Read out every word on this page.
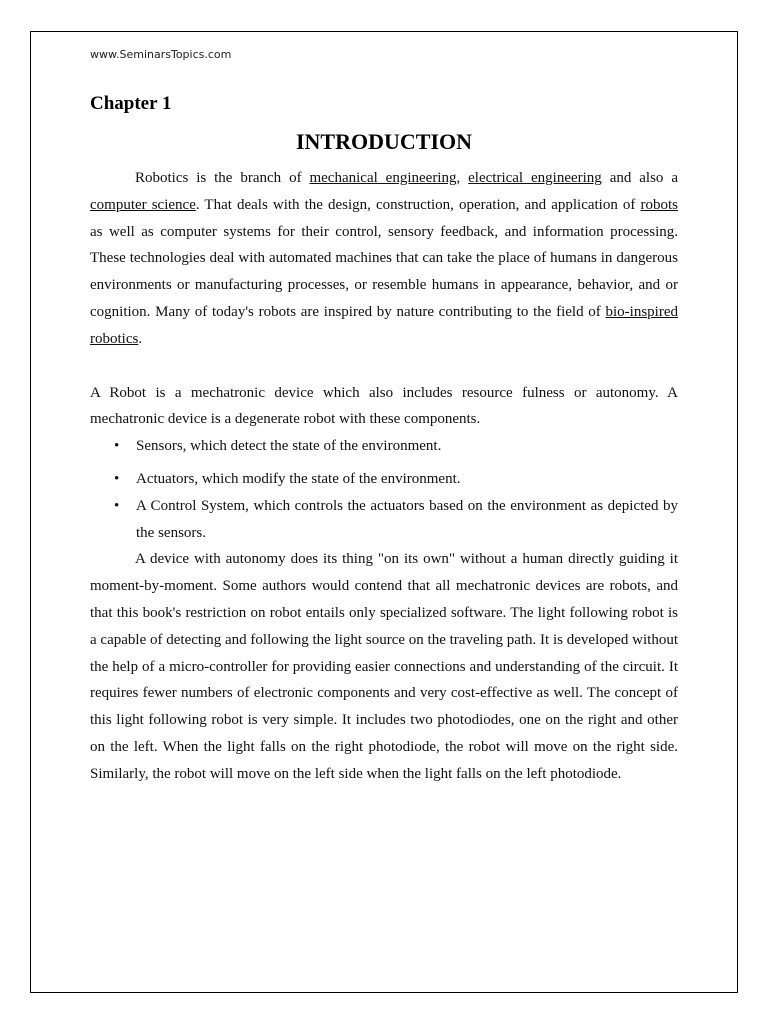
www.SeminarsTopics.com
Chapter 1
INTRODUCTION

Robotics is the branch of mechanical engineering, electrical engineering and also a computer science. That deals with the design, construction, operation, and application of robots as well as computer systems for their control, sensory feedback, and information processing. These technologies deal with automated machines that can take the place of humans in dangerous environments or manufacturing processes, or resemble humans in appearance, behavior, and or cognition. Many of today's robots are inspired by nature contributing to the field of bio-inspired robotics.

A Robot is a mechatronic device which also includes resource fulness or autonomy. A mechatronic device is a degenerate robot with these components.

• Sensors, which detect the state of the environment.
• Actuators, which modify the state of the environment.
• A Control System, which controls the actuators based on the environment as depicted by the sensors.

A device with autonomy does its thing "on its own" without a human directly guiding it moment-by-moment. Some authors would contend that all mechatronic devices are robots, and that this book's restriction on robot entails only specialized software. The light following robot is a capable of detecting and following the light source on the traveling path. It is developed without the help of a micro-controller for providing easier connections and understanding of the circuit. It requires fewer numbers of electronic components and very cost-effective as well. The concept of this light following robot is very simple. It includes two photodiodes, one on the right and other on the left. When the light falls on the right photodiode, the robot will move on the right side. Similarly, the robot will move on the left side when the light falls on the left photodiode.
